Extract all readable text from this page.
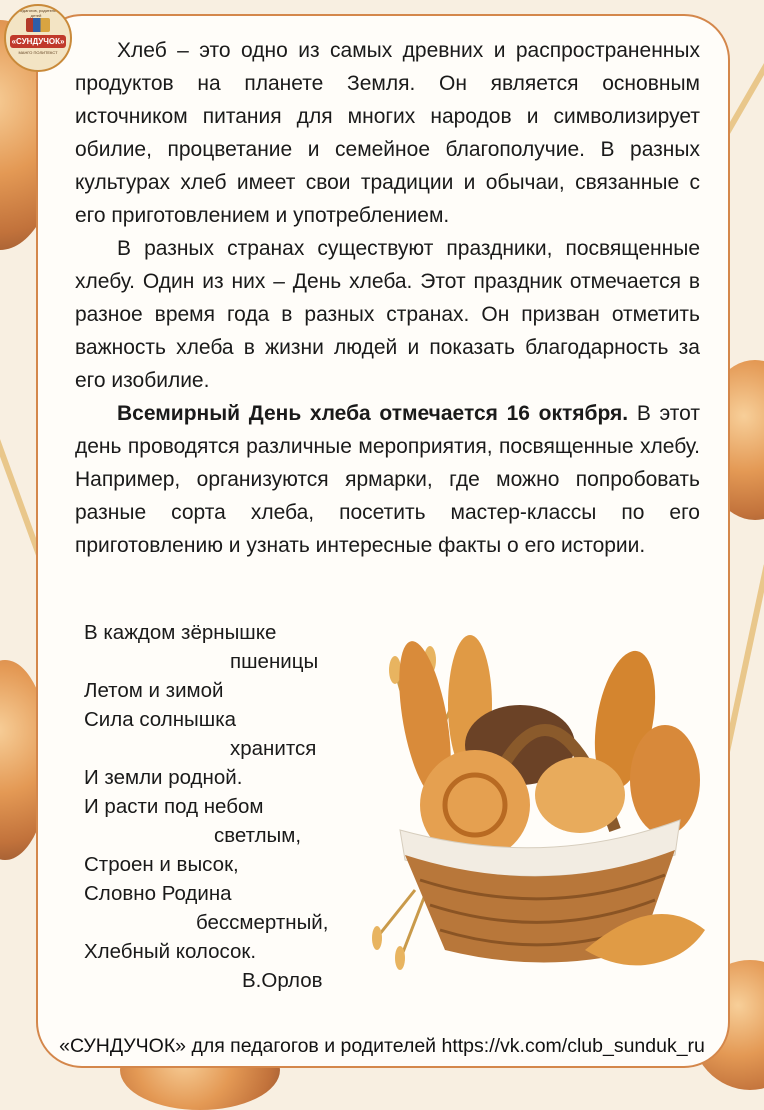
Для педагогов, родителей и детей
«СУНДУЧОК»
МАНГО ПОЛИТЕКСТ	Хлеб – это одно из самых древних и распространенных продуктов на планете Земля. Он является основным источником питания для многих народов и символизирует обилие, процветание и семейное благополучие. В разных культурах хлеб имеет свои традиции и обычаи, связанные с его приготовлением и употреблением.

В разных странах существуют праздники, посвященные хлебу. Один из них – День хлеба. Этот праздник отмечается в разное время года в разных странах. Он призван отметить важность хлеба в жизни людей и показать благодарность за его изобилие.

Всемирный День хлеба отмечается 16 октября. В этот день проводятся различные мероприятия, посвященные хлебу. Например, организуются ярмарки, где можно попробовать разные сорта хлеба, посетить мастер-классы по его приготовлению и узнать интересные факты о его истории.

В каждом зёрнышке
пшеницы
Летом и зимой
Сила солнышка
хранится
И земли родной.
И расти под небом
светлым,
Строен и высок,
Словно Родина
бессмертный,
Хлебный колосок.
В.Орлов
«СУНДУЧОК» для педагогов и родителей https://vk.com/club_sunduk_ru
